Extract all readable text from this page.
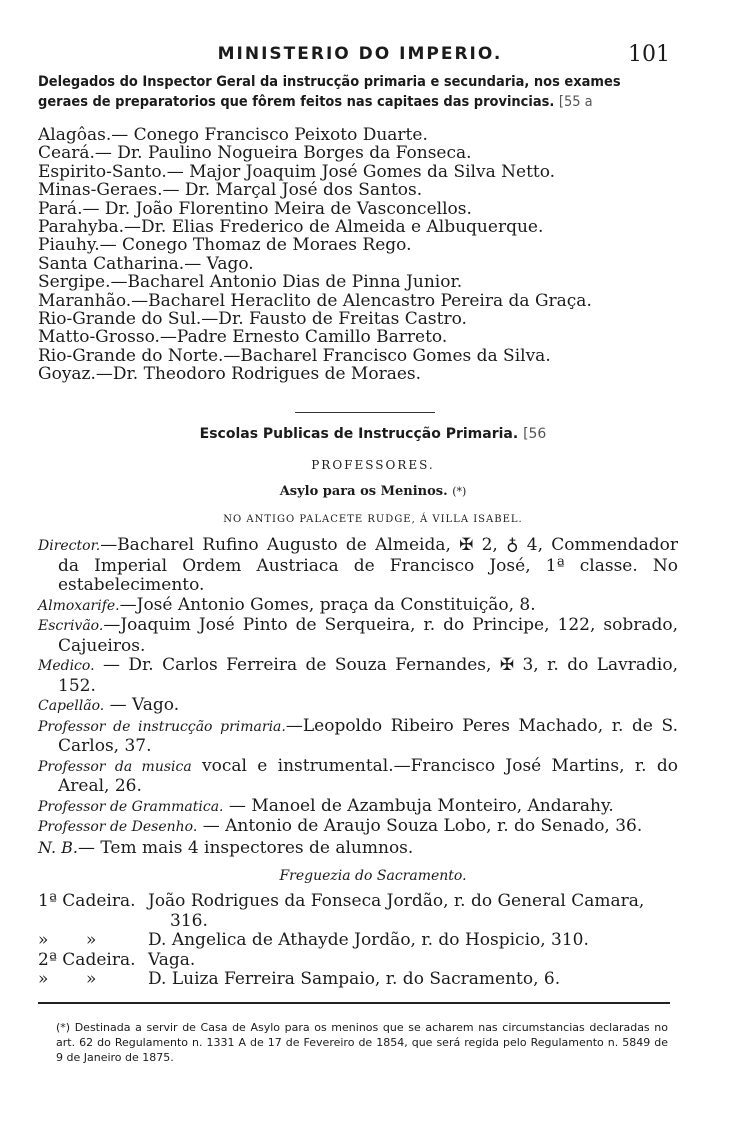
MINISTERIO DO IMPERIO.	101
Delegados do Inspector Geral da instrucção primaria e secundaria, nos exames geraes de preparatorios que fôrem feitos nas capitaes das provincias. [55 a
Alagôas.— Conego Francisco Peixoto Duarte.
Ceará.— Dr. Paulino Nogueira Borges da Fonseca.
Espirito-Santo.— Major Joaquim José Gomes da Silva Netto.
Minas-Geraes.— Dr. Marçal José dos Santos.
Pará.— Dr. João Florentino Meira de Vasconcellos.
Parahyba.—Dr. Elias Frederico de Almeida e Albuquerque.
Piauhy.— Conego Thomaz de Moraes Rego.
Santa Catharina.— Vago.
Sergipe.—Bacharel Antonio Dias de Pinna Junior.
Maranhão.—Bacharel Heraclito de Alencastro Pereira da Graça.
Rio-Grande do Sul.—Dr. Fausto de Freitas Castro.
Matto-Grosso.—Padre Ernesto Camillo Barreto.
Rio-Grande do Norte.—Bacharel Francisco Gomes da Silva.
Goyaz.—Dr. Theodoro Rodrigues de Moraes.
Escolas Publicas de Instrucção Primaria. [56
PROFESSORES.
Asylo para os Meninos. (*)
NO ANTIGO PALACETE RUDGE, Á VILLA ISABEL.

Director.—Bacharel Rufino Augusto de Almeida, ✠ 2, ♁ 4, Commendador da Imperial Ordem Austriaca de Francisco José, 1ª classe. No estabelecimento.

Almoxarife.—José Antonio Gomes, praça da Constituição, 8.

Escrivão.—Joaquim José Pinto de Serqueira, r. do Principe, 122, sobrado, Cajueiros.

Medico. — Dr. Carlos Ferreira de Souza Fernandes, ✠ 3, r. do Lavradio, 152.

Capellão. — Vago.

Professor de instrucção primaria.—Leopoldo Ribeiro Peres Machado, r. de S. Carlos, 37.

Professor da musica vocal e instrumental.—Francisco José Martins, r. do Areal, 26.

Professor de Grammatica. — Manoel de Azambuja Monteiro, Andarahy.

Professor de Desenho. — Antonio de Araujo Souza Lobo, r. do Senado, 36.

N. B.— Tem mais 4 inspectores de alumnos.

Freguezia do Sacramento.
1ª Cadeira. João Rodrigues da Fonseca Jordão, r. do General Camara,
316.
» »	D. Angelica de Athayde Jordão, r. do Hospicio, 310.
2ª Cadeira. Vaga.
» »	D. Luiza Ferreira Sampaio, r. do Sacramento, 6.
(*) Destinada a servir de Casa de Asylo para os meninos que se acharem nas circumstancias declaradas no art. 62 do Regulamento n. 1331 A de 17 de Fevereiro de 1854, que será regida pelo Regulamento n. 5849 de 9 de Janeiro de 1875.
